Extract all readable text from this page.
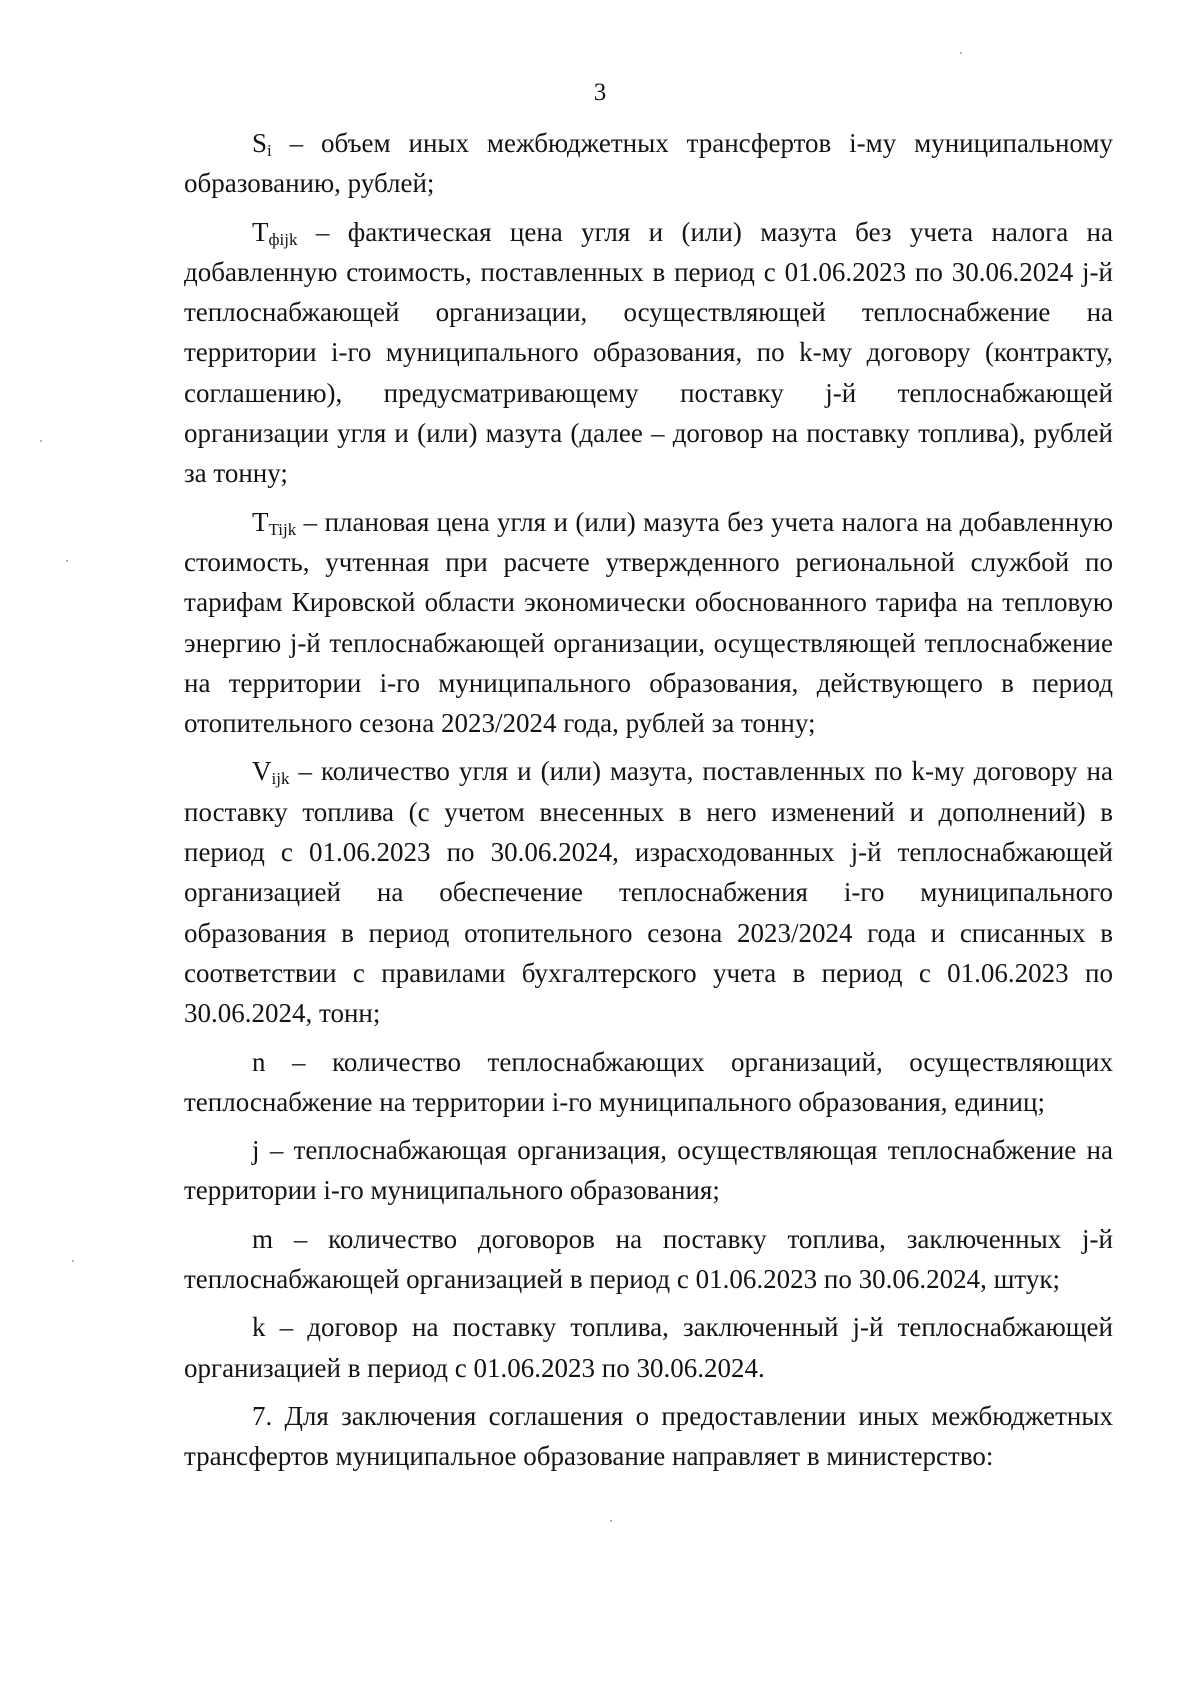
3

$S_i$ – объем иных межбюджетных трансфертов i-му муниципальному образованию, рублей;

$T_{фijk}$ – фактическая цена угля и (или) мазута без учета налога на добавленную стоимость, поставленных в период с 01.06.2023 по 30.06.2024 j-й теплоснабжающей организации, осуществляющей теплоснабжение на территории i-го муниципального образования, по k-му договору (контракту, соглашению), предусматривающему поставку j-й теплоснабжающей организации угля и (или) мазута (далее – договор на поставку топлива), рублей за тонну;

$T_{Tijk}$ – плановая цена угля и (или) мазута без учета налога на добавленную стоимость, учтенная при расчете утвержденного региональной службой по тарифам Кировской области экономически обоснованного тарифа на тепловую энергию j-й теплоснабжающей организации, осуществляющей теплоснабжение на территории i-го муниципального образования, действующего в период отопительного сезона 2023/2024 года, рублей за тонну;

$V_{ijk}$ – количество угля и (или) мазута, поставленных по k-му договору на поставку топлива (с учетом внесенных в него изменений и дополнений) в период с 01.06.2023 по 30.06.2024, израсходованных j-й теплоснабжающей организацией на обеспечение теплоснабжения i-го муниципального образования в период отопительного сезона 2023/2024 года и списанных в соответствии с правилами бухгалтерского учета в период с 01.06.2023 по 30.06.2024, тонн;

n – количество теплоснабжающих организаций, осуществляющих теплоснабжение на территории i-го муниципального образования, единиц;

j – теплоснабжающая организация, осуществляющая теплоснабжение на территории i-го муниципального образования;

m – количество договоров на поставку топлива, заключенных j-й теплоснабжающей организацией в период с 01.06.2023 по 30.06.2024, штук;

k – договор на поставку топлива, заключенный j-й теплоснабжающей организацией в период с 01.06.2023 по 30.06.2024.

7. Для заключения соглашения о предоставлении иных межбюджетных трансфертов муниципальное образование направляет в министерство:
